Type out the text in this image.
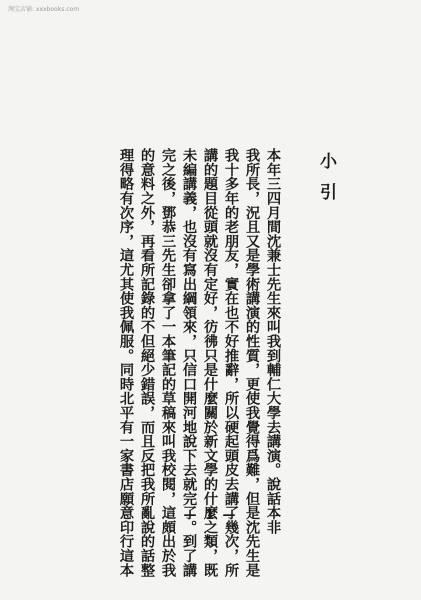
淘宝店铺: xxxbooks.com
小引
本年三四月間沈兼士先生來叫我到輔仁大學去講演。說話本非
我所長，況且又是學術講演的性質，更使我覺得爲難，但是沈先生是
我十多年的老朋友，實在也不好推辭，所以硬起頭皮去講了幾次，所
講的題目從頭就沒有定好，彷彿只是什麼關於新文學的什麼之類，既
未編講義，也沒有寫出綱領來，只信口開河地說下去就完了。到了講
完之後，鄧恭三先生卻拿了一本筆記的草稿來叫我校閱，這頗出於我
的意料之外，再看所記錄的不但絕少錯誤，而且反把我所亂說的話整
理得略有次序，這尤其使我佩服。同時北平有一家書店願意印行這本	— 1 —
